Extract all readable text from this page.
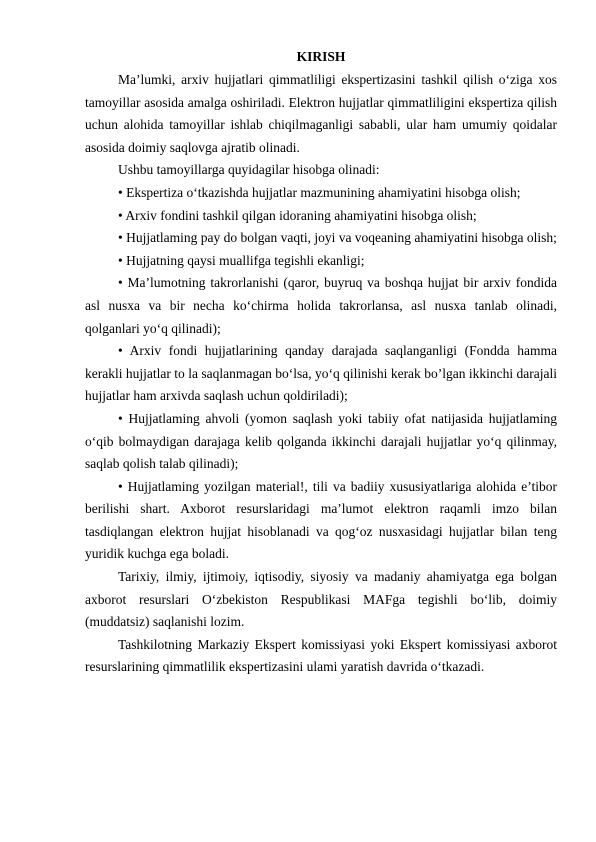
KIRISH

Ma’lumki, arxiv hujjatlari qimmatliligi ekspertizasini tashkil qilish o‘ziga xos tamoyillar asosida amalga oshiriladi. Elektron hujjatlar qimmatliligini ekspertiza qilish uchun alohida tamoyillar ishlab chiqilmaganligi sababli, ular ham umumiy qoidalar asosida doimiy saqlovga ajratib olinadi.

Ushbu tamoyillarga quyidagilar hisobga olinadi:

• Ekspertiza o‘tkazishda hujjatlar mazmunining ahamiyatini hisobga olish;

• Arxiv fondini tashkil qilgan idoraning ahamiyatini hisobga olish;

• Hujjatlaming pay do bolgan vaqti, joyi va voqeaning ahamiyatini hisobga olish;

• Hujjatning qaysi muallifga tegishli ekanligi;

• Ma’lumotning takrorlanishi (qaror, buyruq va boshqa hujjat bir arxiv fondida asl nusxa va bir necha ko‘chirma holida takrorlansa, asl nusxa tanlab olinadi, qolganlari yo‘q qilinadi);

• Arxiv fondi hujjatlarining qanday darajada saqlanganligi (Fondda hamma kerakli hujjatlar to la saqlanmagan bo‘lsa, yo‘q qilinishi kerak bo’lgan ikkinchi darajali hujjatlar ham arxivda saqlash uchun qoldiriladi);

• Hujjatlaming ahvoli (yomon saqlash yoki tabiiy ofat natijasida hujjatlaming o‘qib bolmaydigan darajaga kelib qolganda ikkinchi darajali hujjatlar yo‘q qilinmay, saqlab qolish talab qilinadi);

• Hujjatlaming yozilgan material!, tili va badiiy xususiyatlariga alohida e’tibor berilishi shart. Axborot resurslaridagi ma’lumot elektron raqamli imzo bilan tasdiqlangan elektron hujjat hisoblanadi va qog‘oz nusxasidagi hujjatlar bilan teng yuridik kuchga ega boladi.

Tarixiy, ilmiy, ijtimoiy, iqtisodiy, siyosiy va madaniy ahamiyatga ega bolgan axborot resurslari O‘zbekiston Respublikasi MAFga tegishli bo‘lib, doimiy (muddatsiz) saqlanishi lozim.

Tashkilotning Markaziy Ekspert komissiyasi yoki Ekspert komissiyasi axborot resurslarining qimmatlilik ekspertizasini ulami yaratish davrida o‘tkazadi.
